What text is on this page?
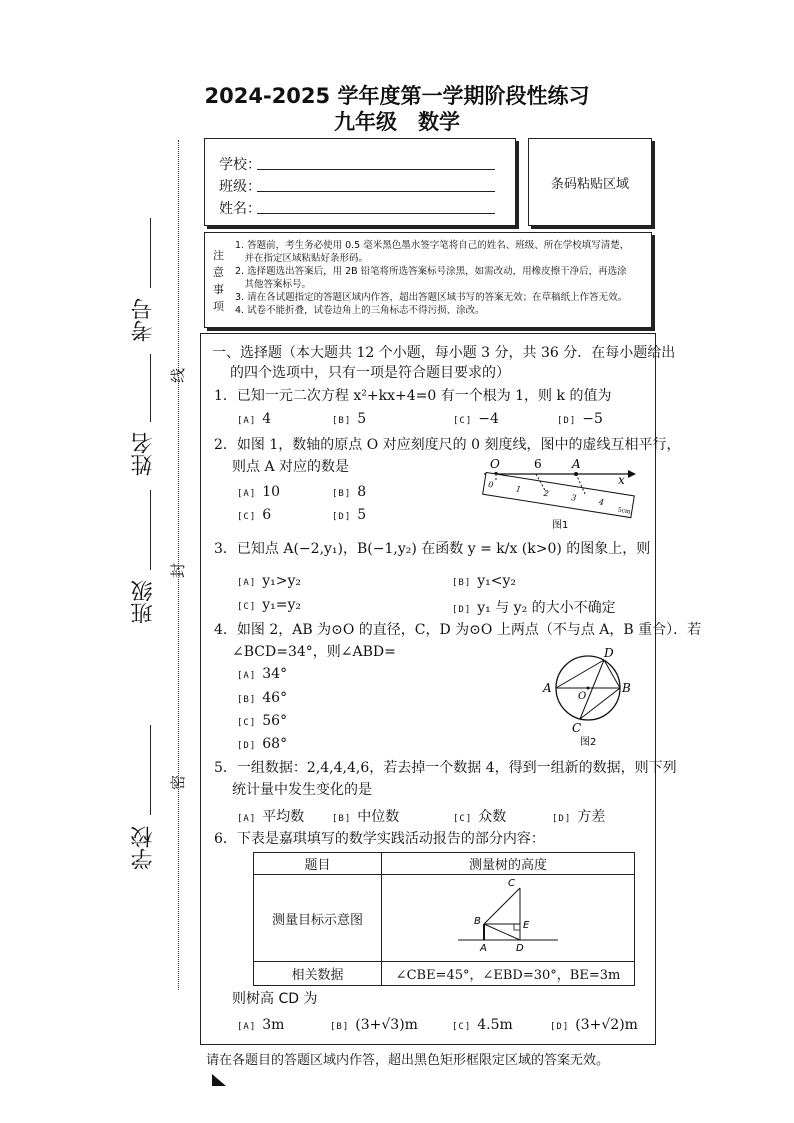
2024-2025 学年度第一学期阶段性练习
九年级　数学
学校：
班级：
姓名：
条码粘贴区域
注
意
事
项
1. 答题前，考生务必使用 0.5 毫米黑色墨水签字笔将自己的姓名、班级、所在学校填写清楚，
　并在指定区域粘贴好条形码。
2. 选择题选出答案后，用 2B 铅笔将所选答案标号涂黑，如需改动，用橡皮擦干净后，再选涂
　其他答案标号。
3. 请在各试题指定的答题区域内作答，超出答题区域书写的答案无效；在草稿纸上作答无效。
4. 试卷不能折叠，试卷边角上的三角标志不得污损、涂改。
线
封
密
考号
姓名
班级
学校
一、选择题（本大题共 12 个小题，每小题 3 分，共 36 分．在每小题给出
的四个选项中，只有一项是符合题目要求的）
1．已知一元二次方程 x²+kx+4=0 有一个根为 1，则 k 的值为
[A] 4	[B] 5	[C] −4	[D] −5
2．如图 1，数轴的原点 O 对应刻度尺的 0 刻度线，图中的虚线互相平行，
则点 A 对应的数是
[A] 10	[B] 8
[C] 6	[D] 5
O	6	A
x
0	1	2	3	4
5cm
图1
3．已知点 A(−2,y₁)，B(−1,y₂) 在函数 y = k/x (k>0) 的图象上，则
[A] y₁>y₂	[B] y₁<y₂
[C] y₁=y₂	[D] y₁ 与 y₂ 的大小不确定
4．如图 2，AB 为⊙O 的直径，C，D 为⊙O 上两点（不与点 A，B 重合）．若
∠BCD=34°，则∠ABD=
[A] 34°
[B] 46°
[C] 56°
[D] 68°
A	B
D
C
O
图2
5．一组数据：2,4,4,4,6，若去掉一个数据 4，得到一组新的数据，则下列
统计量中发生变化的是
[A] 平均数	[B] 中位数	[C] 众数	[D] 方差
6．下表是嘉琪填写的数学实践活动报告的部分内容：
题目	测量树的高度
测量目标示意图	C
B E
A D

相关数据	∠CBE=45°，∠EBD=30°，BE=3m
则树高 CD 为
[A] 3m	[B] (3+√3)m	[C] 4.5m	[D] (3+√2)m
请在各题目的答题区域内作答，超出黑色矩形框限定区域的答案无效。
